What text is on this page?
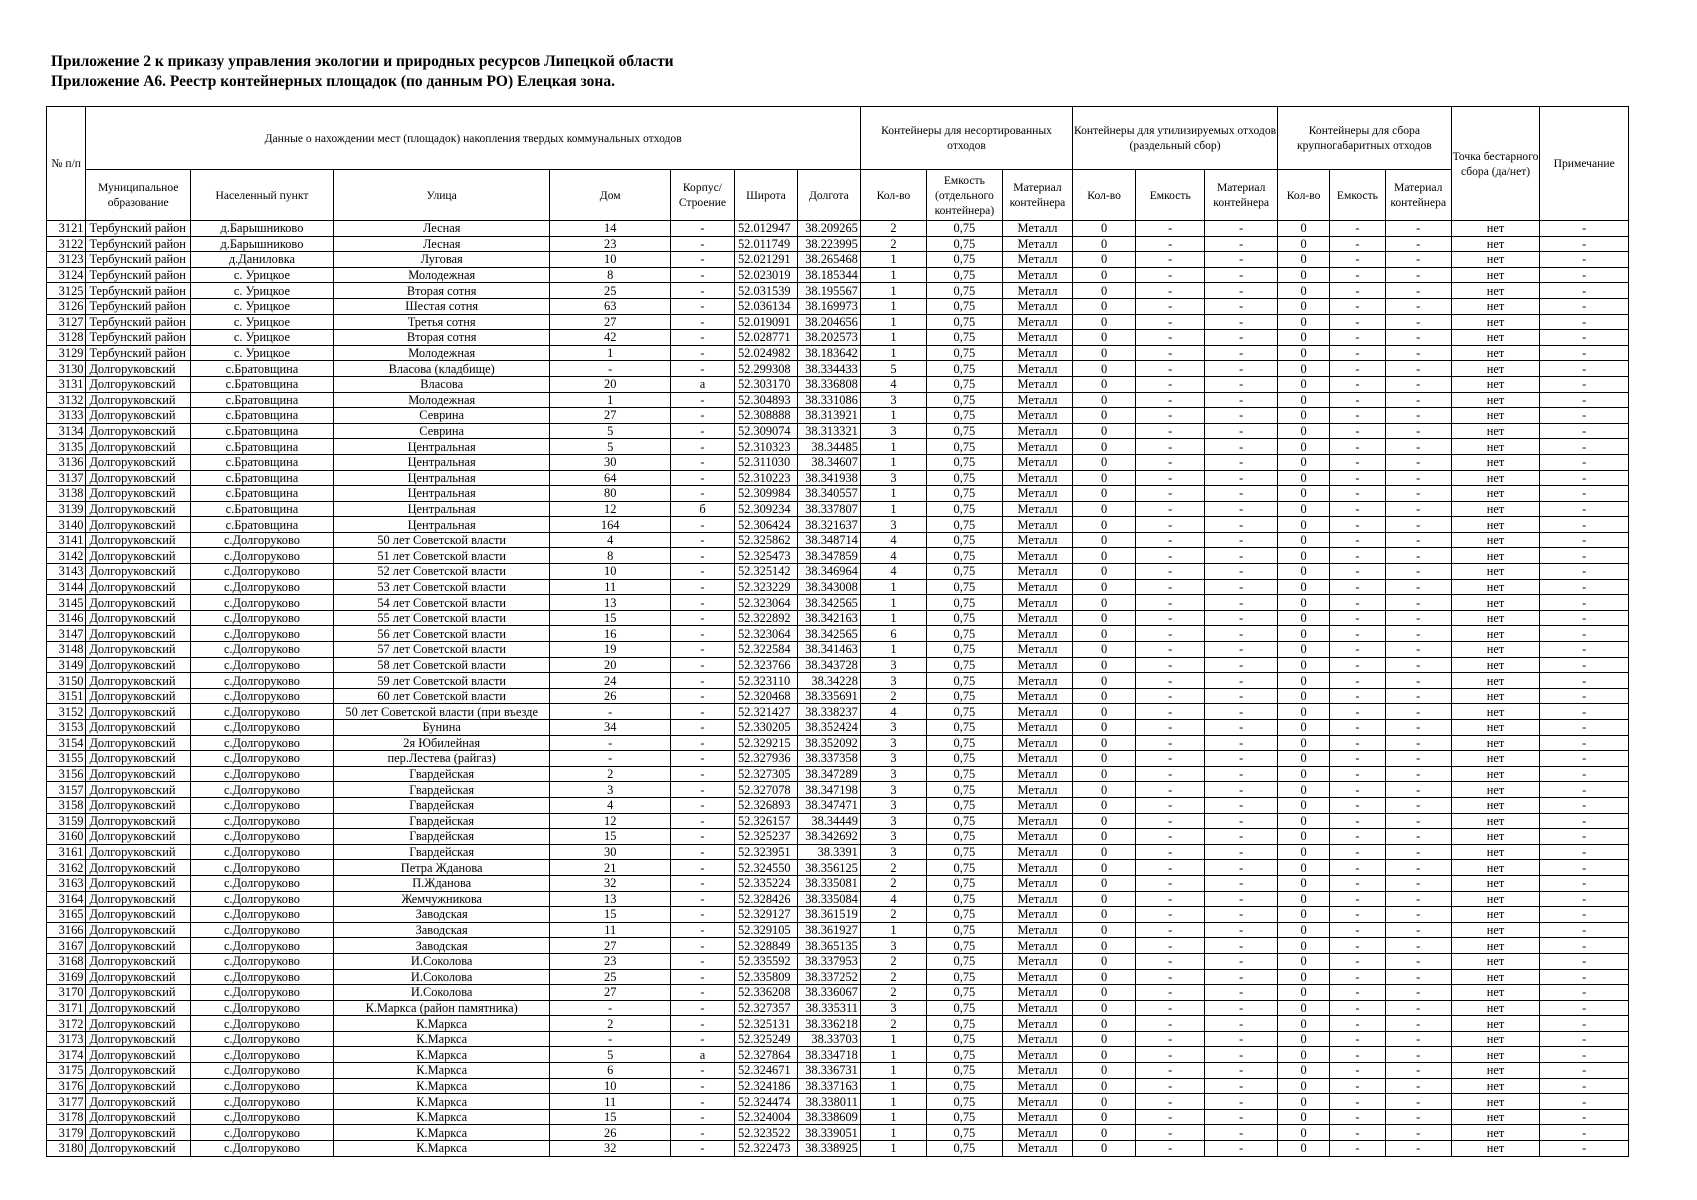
Приложение 2 к приказу управления экологии и природных ресурсов Липецкой области
Приложение А6. Реестр контейнерных площадок (по данным РО) Елецкая зона.
№ п/п	Данные о нахождении мест (площадок) накопления твердых коммунальных отходов							Контейнеры для несортированных отходов			Контейнеры для утилизируемых отходов (раздельный сбор)			Контейнеры для сбора крупногабаритных отходов			Точка бестарного сбора (да/нет)	Примечание
	Муниципальное образование	Населенный пункт	Улица	Дом	Корпус/ Строение	Широта	Долгота	Кол-во	Емкость (отдельного контейнера)	Материал контейнера	Кол-во	Емкость	Материал контейнера	Кол-во	Емкость	Материал контейнера		
3121	Тербунский район	д.Барышниково	Лесная	14	-	52.012947	38.209265	2	0,75	Металл	0	-	-	0	-	-	нет	-
3122	Тербунский район	д.Барышниково	Лесная	23	-	52.011749	38.223995	2	0,75	Металл	0	-	-	0	-	-	нет	-
3123	Тербунский район	д.Даниловка	Луговая	10	-	52.021291	38.265468	1	0,75	Металл	0	-	-	0	-	-	нет	-
3124	Тербунский район	с. Урицкое	Молодежная	8	-	52.023019	38.185344	1	0,75	Металл	0	-	-	0	-	-	нет	-
3125	Тербунский район	с. Урицкое	Вторая сотня	25	-	52.031539	38.195567	1	0,75	Металл	0	-	-	0	-	-	нет	-
3126	Тербунский район	с. Урицкое	Шестая сотня	63	-	52.036134	38.169973	1	0,75	Металл	0	-	-	0	-	-	нет	-
3127	Тербунский район	с. Урицкое	Третья сотня	27	-	52.019091	38.204656	1	0,75	Металл	0	-	-	0	-	-	нет	-
3128	Тербунский район	с. Урицкое	Вторая сотня	42	-	52.028771	38.202573	1	0,75	Металл	0	-	-	0	-	-	нет	-
3129	Тербунский район	с. Урицкое	Молодежная	1	-	52.024982	38.183642	1	0,75	Металл	0	-	-	0	-	-	нет	-
3130	Долгоруковский	с.Братовщина	Власова (кладбище)	-	-	52.299308	38.334433	5	0,75	Металл	0	-	-	0	-	-	нет	-
3131	Долгоруковский	с.Братовщина	Власова	20	а	52.303170	38.336808	4	0,75	Металл	0	-	-	0	-	-	нет	-
3132	Долгоруковский	с.Братовщина	Молодежная	1	-	52.304893	38.331086	3	0,75	Металл	0	-	-	0	-	-	нет	-
3133	Долгоруковский	с.Братовщина	Севрина	27	-	52.308888	38.313921	1	0,75	Металл	0	-	-	0	-	-	нет	-
3134	Долгоруковский	с.Братовщина	Севрина	5	-	52.309074	38.313321	3	0,75	Металл	0	-	-	0	-	-	нет	-
3135	Долгоруковский	с.Братовщина	Центральная	5	-	52.310323	38.34485	1	0,75	Металл	0	-	-	0	-	-	нет	-
3136	Долгоруковский	с.Братовщина	Центральная	30	-	52.311030	38.34607	1	0,75	Металл	0	-	-	0	-	-	нет	-
3137	Долгоруковский	с.Братовщина	Центральная	64	-	52.310223	38.341938	3	0,75	Металл	0	-	-	0	-	-	нет	-
3138	Долгоруковский	с.Братовщина	Центральная	80	-	52.309984	38.340557	1	0,75	Металл	0	-	-	0	-	-	нет	-
3139	Долгоруковский	с.Братовщина	Центральная	12	б	52.309234	38.337807	1	0,75	Металл	0	-	-	0	-	-	нет	-
3140	Долгоруковский	с.Братовщина	Центральная	164	-	52.306424	38.321637	3	0,75	Металл	0	-	-	0	-	-	нет	-
3141	Долгоруковский	с.Долгоруково	50 лет Советской власти	4	-	52.325862	38.348714	4	0,75	Металл	0	-	-	0	-	-	нет	-
3142	Долгоруковский	с.Долгоруково	51 лет Советской власти	8	-	52.325473	38.347859	4	0,75	Металл	0	-	-	0	-	-	нет	-
3143	Долгоруковский	с.Долгоруково	52 лет Советской власти	10	-	52.325142	38.346964	4	0,75	Металл	0	-	-	0	-	-	нет	-
3144	Долгоруковский	с.Долгоруково	53 лет Советской власти	11	-	52.323229	38.343008	1	0,75	Металл	0	-	-	0	-	-	нет	-
3145	Долгоруковский	с.Долгоруково	54 лет Советской власти	13	-	52.323064	38.342565	1	0,75	Металл	0	-	-	0	-	-	нет	-
3146	Долгоруковский	с.Долгоруково	55 лет Советской власти	15	-	52.322892	38.342163	1	0,75	Металл	0	-	-	0	-	-	нет	-
3147	Долгоруковский	с.Долгоруково	56 лет Советской власти	16	-	52.323064	38.342565	6	0,75	Металл	0	-	-	0	-	-	нет	-
3148	Долгоруковский	с.Долгоруково	57 лет Советской власти	19	-	52.322584	38.341463	1	0,75	Металл	0	-	-	0	-	-	нет	-
3149	Долгоруковский	с.Долгоруково	58 лет Советской власти	20	-	52.323766	38.343728	3	0,75	Металл	0	-	-	0	-	-	нет	-
3150	Долгоруковский	с.Долгоруково	59 лет Советской власти	24	-	52.323110	38.34228	3	0,75	Металл	0	-	-	0	-	-	нет	-
3151	Долгоруковский	с.Долгоруково	60 лет Советской власти	26	-	52.320468	38.335691	2	0,75	Металл	0	-	-	0	-	-	нет	-
3152	Долгоруковский	с.Долгоруково	50 лет Советской власти (при въезде	-	-	52.321427	38.338237	4	0,75	Металл	0	-	-	0	-	-	нет	-
3153	Долгоруковский	с.Долгоруково	Бунина	34	-	52.330205	38.352424	3	0,75	Металл	0	-	-	0	-	-	нет	-
3154	Долгоруковский	с.Долгоруково	2я Юбилейная	-	-	52.329215	38.352092	3	0,75	Металл	0	-	-	0	-	-	нет	-
3155	Долгоруковский	с.Долгоруково	пер.Лестева (райгаз)	-	-	52.327936	38.337358	3	0,75	Металл	0	-	-	0	-	-	нет	-
3156	Долгоруковский	с.Долгоруково	Гвардейская	2	-	52.327305	38.347289	3	0,75	Металл	0	-	-	0	-	-	нет	-
3157	Долгоруковский	с.Долгоруково	Гвардейская	3	-	52.327078	38.347198	3	0,75	Металл	0	-	-	0	-	-	нет	-
3158	Долгоруковский	с.Долгоруково	Гвардейская	4	-	52.326893	38.347471	3	0,75	Металл	0	-	-	0	-	-	нет	-
3159	Долгоруковский	с.Долгоруково	Гвардейская	12	-	52.326157	38.34449	3	0,75	Металл	0	-	-	0	-	-	нет	-
3160	Долгоруковский	с.Долгоруково	Гвардейская	15	-	52.325237	38.342692	3	0,75	Металл	0	-	-	0	-	-	нет	-
3161	Долгоруковский	с.Долгоруково	Гвардейская	30	-	52.323951	38.3391	3	0,75	Металл	0	-	-	0	-	-	нет	-
3162	Долгоруковский	с.Долгоруково	Петра Жданова	21	-	52.324550	38.356125	2	0,75	Металл	0	-	-	0	-	-	нет	-
3163	Долгоруковский	с.Долгоруково	П.Жданова	32	-	52.335224	38.335081	2	0,75	Металл	0	-	-	0	-	-	нет	-
3164	Долгоруковский	с.Долгоруково	Жемчужникова	13	-	52.328426	38.335084	4	0,75	Металл	0	-	-	0	-	-	нет	-
3165	Долгоруковский	с.Долгоруково	Заводская	15	-	52.329127	38.361519	2	0,75	Металл	0	-	-	0	-	-	нет	-
3166	Долгоруковский	с.Долгоруково	Заводская	11	-	52.329105	38.361927	1	0,75	Металл	0	-	-	0	-	-	нет	-
3167	Долгоруковский	с.Долгоруково	Заводская	27	-	52.328849	38.365135	3	0,75	Металл	0	-	-	0	-	-	нет	-
3168	Долгоруковский	с.Долгоруково	И.Соколова	23	-	52.335592	38.337953	2	0,75	Металл	0	-	-	0	-	-	нет	-
3169	Долгоруковский	с.Долгоруково	И.Соколова	25	-	52.335809	38.337252	2	0,75	Металл	0	-	-	0	-	-	нет	-
3170	Долгоруковский	с.Долгоруково	И.Соколова	27	-	52.336208	38.336067	2	0,75	Металл	0	-	-	0	-	-	нет	-
3171	Долгоруковский	с.Долгоруково	К.Маркса (район памятника)	-	-	52.327357	38.335311	3	0,75	Металл	0	-	-	0	-	-	нет	-
3172	Долгоруковский	с.Долгоруково	К.Маркса	2	-	52.325131	38.336218	2	0,75	Металл	0	-	-	0	-	-	нет	-
3173	Долгоруковский	с.Долгоруково	К.Маркса	-	-	52.325249	38.33703	1	0,75	Металл	0	-	-	0	-	-	нет	-
3174	Долгоруковский	с.Долгоруково	К.Маркса	5	а	52.327864	38.334718	1	0,75	Металл	0	-	-	0	-	-	нет	-
3175	Долгоруковский	с.Долгоруково	К.Маркса	6	-	52.324671	38.336731	1	0,75	Металл	0	-	-	0	-	-	нет	-
3176	Долгоруковский	с.Долгоруково	К.Маркса	10	-	52.324186	38.337163	1	0,75	Металл	0	-	-	0	-	-	нет	-
3177	Долгоруковский	с.Долгоруково	К.Маркса	11	-	52.324474	38.338011	1	0,75	Металл	0	-	-	0	-	-	нет	-
3178	Долгоруковский	с.Долгоруково	К.Маркса	15	-	52.324004	38.338609	1	0,75	Металл	0	-	-	0	-	-	нет	-
3179	Долгоруковский	с.Долгоруково	К.Маркса	26	-	52.323522	38.339051	1	0,75	Металл	0	-	-	0	-	-	нет	-
3180	Долгоруковский	с.Долгоруково	К.Маркса	32	-	52.322473	38.338925	1	0,75	Металл	0	-	-	0	-	-	нет	-
